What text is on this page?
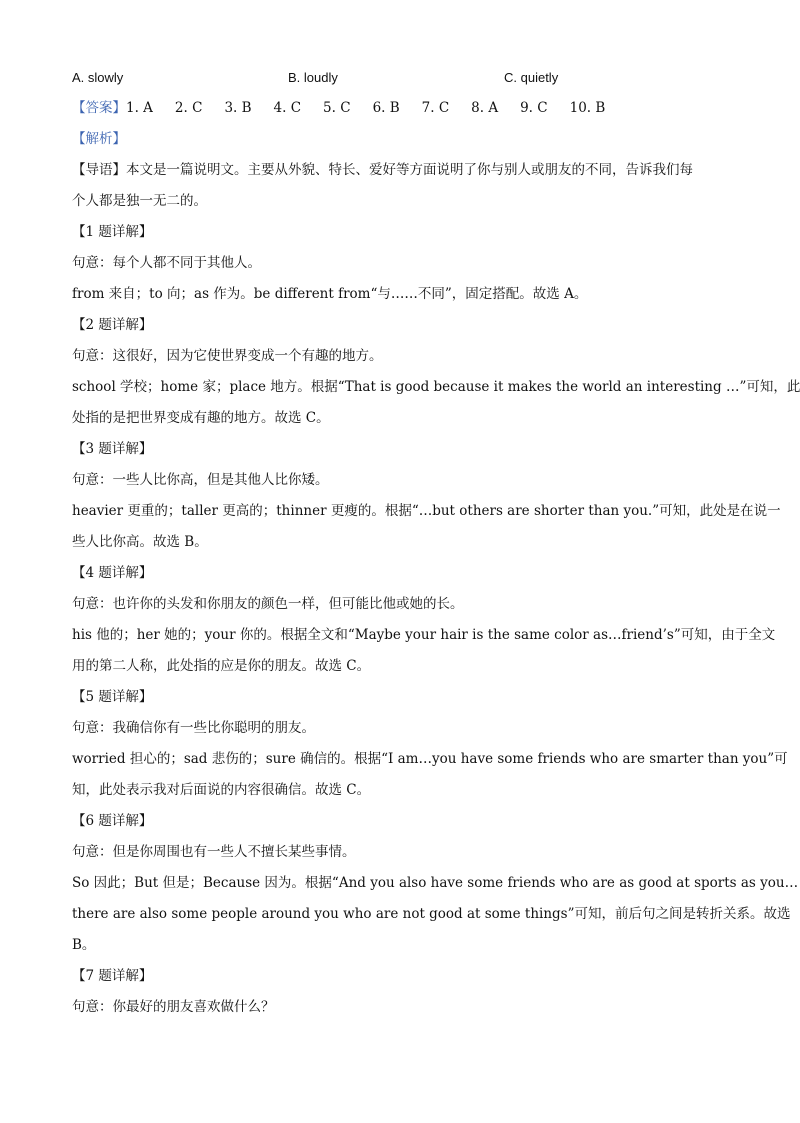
A. slowly	B. loudly	C. quietly
【答案】1. A 2. C 3. B 4. C 5. C 6. B 7. C 8. A 9. C 10. B
【解析】
【导语】本文是一篇说明文。主要从外貌、特长、爱好等方面说明了你与别人或朋友的不同，告诉我们每
个人都是独一无二的。
【1 题详解】
句意：每个人都不同于其他人。
from 来自；to 向；as 作为。be different from“与……不同”，固定搭配。故选 A。
【2 题详解】
句意：这很好，因为它使世界变成一个有趣的地方。
school 学校；home 家；place 地方。根据“That is good because it makes the world an interesting …”可知，此
处指的是把世界变成有趣的地方。故选 C。
【3 题详解】
句意：一些人比你高，但是其他人比你矮。
heavier 更重的；taller 更高的；thinner 更瘦的。根据“…but others are shorter than you.”可知，此处是在说一
些人比你高。故选 B。
【4 题详解】
句意：也许你的头发和你朋友的颜色一样，但可能比他或她的长。
his 他的；her 她的；your 你的。根据全文和“Maybe your hair is the same color as…friend’s”可知，由于全文
用的第二人称，此处指的应是你的朋友。故选 C。
【5 题详解】
句意：我确信你有一些比你聪明的朋友。
worried 担心的；sad 悲伤的；sure 确信的。根据“I am…you have some friends who are smarter than you”可
知，此处表示我对后面说的内容很确信。故选 C。
【6 题详解】
句意：但是你周围也有一些人不擅长某些事情。
So 因此；But 但是；Because 因为。根据“And you also have some friends who are as good at sports as you…
there are also some people around you who are not good at some things”可知，前后句之间是转折关系。故选
B。
【7 题详解】
句意：你最好的朋友喜欢做什么？
